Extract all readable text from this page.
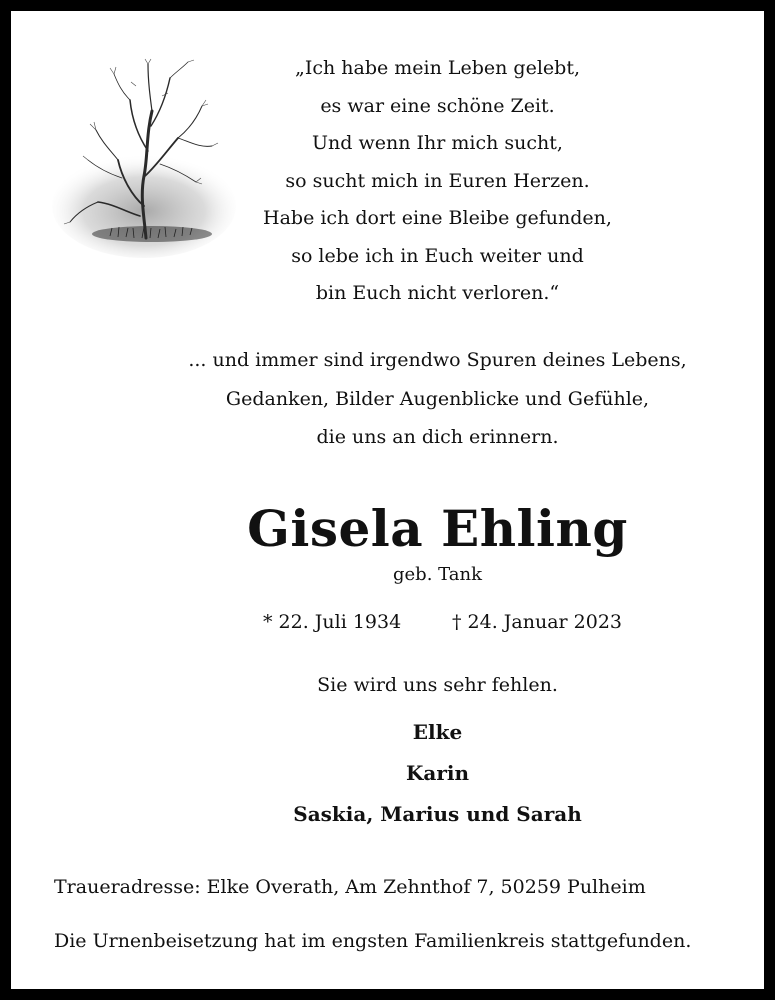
„Ich habe mein Leben gelebt,
es war eine schöne Zeit.
Und wenn Ihr mich sucht,
so sucht mich in Euren Herzen.
Habe ich dort eine Bleibe gefunden,
so lebe ich in Euch weiter und
bin Euch nicht verloren.“
... und immer sind irgendwo Spuren deines Lebens,
Gedanken, Bilder Augenblicke und Gefühle,
die uns an dich erinnern.
Gisela Ehling
geb. Tank
* 22. Juli 1934	† 24. Januar 2023
Sie wird uns sehr fehlen.
Elke
Karin
Saskia, Marius und Sarah
Traueradresse: Elke Overath, Am Zehnthof 7, 50259 Pulheim
Die Urnenbeisetzung hat im engsten Familienkreis stattgefunden.
